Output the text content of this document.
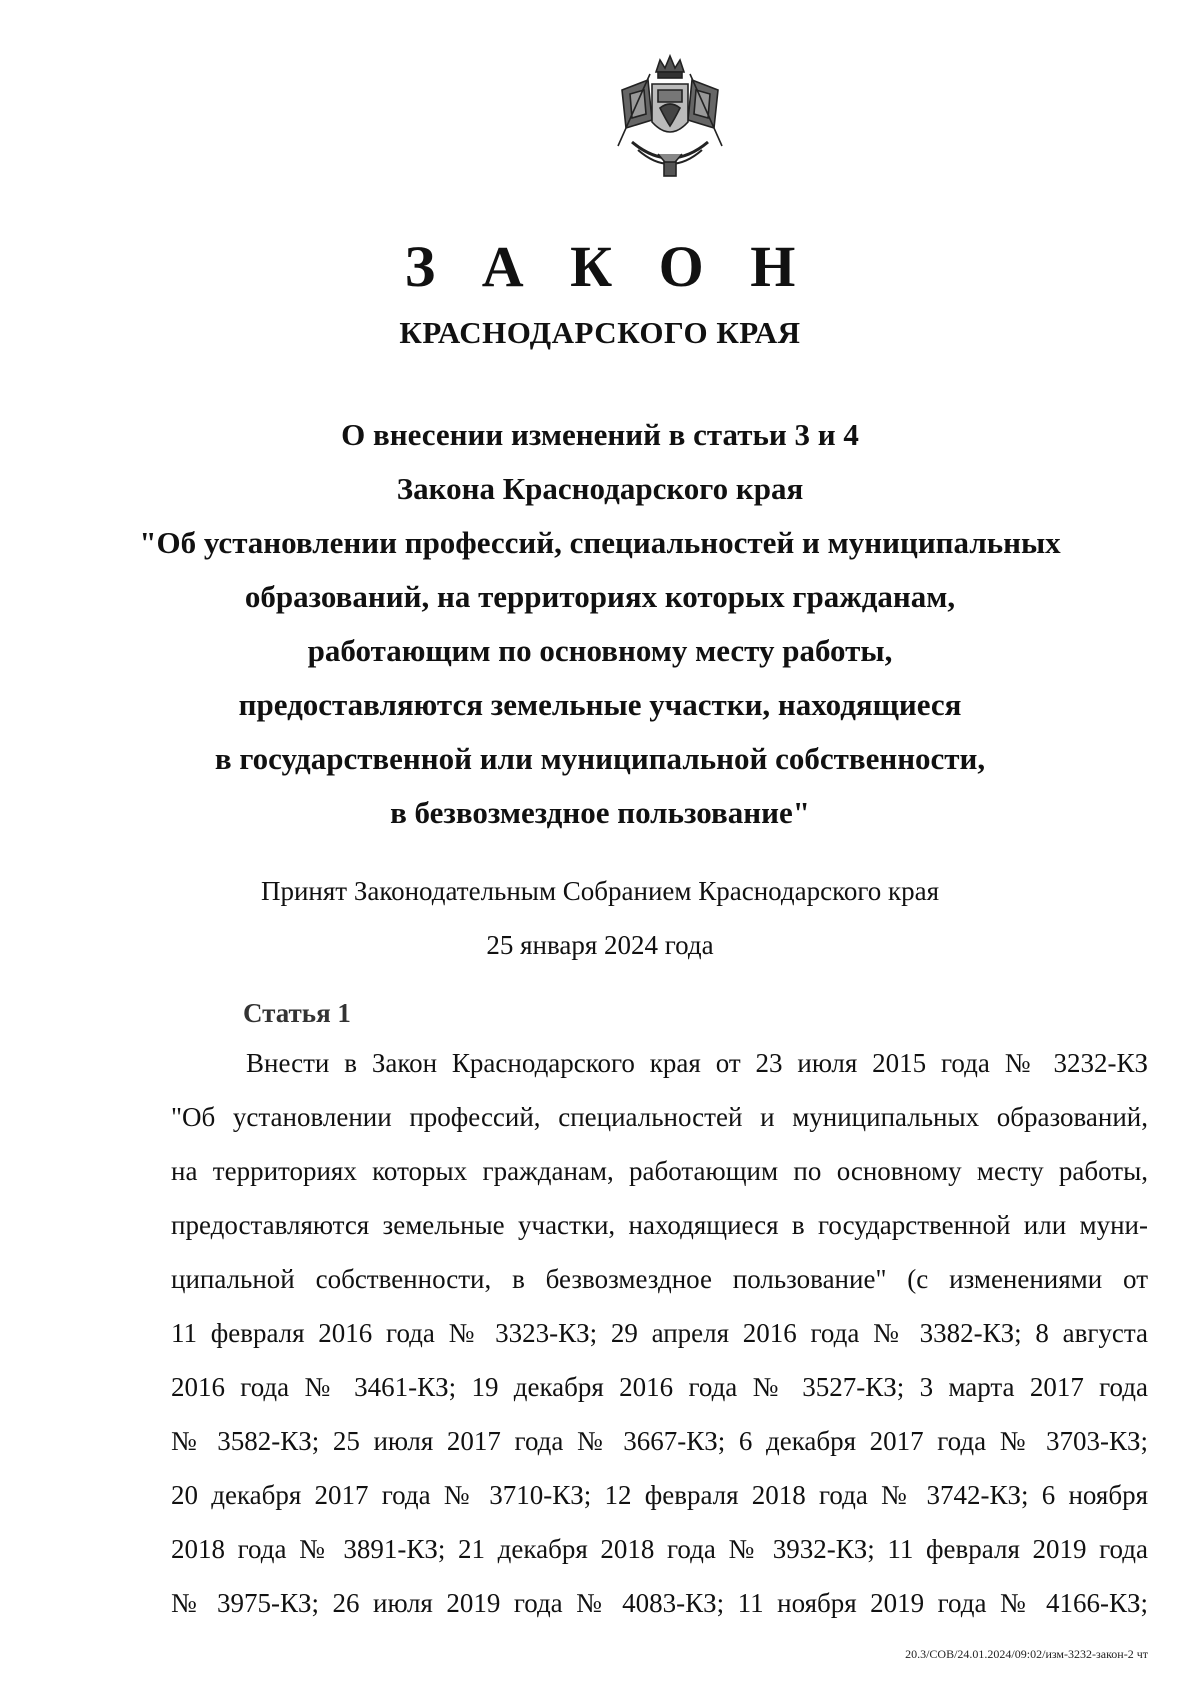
З А К О Н
КРАСНОДАРСКОГО КРАЯ
О внесении изменений в статьи 3 и 4
Закона Краснодарского края
"Об установлении профессий, специальностей и муниципальных
образований, на территориях которых гражданам,
работающим по основному месту работы,
предоставляются земельные участки, находящиеся
в государственной или муниципальной собственности,
в безвозмездное пользование"
Принят Законодательным Собранием Краснодарского края
25 января 2024 года
Статья 1
Внести в Закон Краснодарского края от 23 июля 2015 года № 3232-КЗ
"Об установлении профессий, специальностей и муниципальных образований,
на территориях которых гражданам, работающим по основному месту работы,
предоставляются земельные участки, находящиеся в государственной или муни-
ципальной собственности, в безвозмездное пользование" (с изменениями от
11 февраля 2016 года № 3323-КЗ; 29 апреля 2016 года № 3382-КЗ; 8 августа
2016 года № 3461-КЗ; 19 декабря 2016 года № 3527-КЗ; 3 марта 2017 года
№ 3582-КЗ; 25 июля 2017 года № 3667-КЗ; 6 декабря 2017 года № 3703-КЗ;
20 декабря 2017 года № 3710-КЗ; 12 февраля 2018 года № 3742-КЗ; 6 ноября
2018 года № 3891-КЗ; 21 декабря 2018 года № 3932-КЗ; 11 февраля 2019 года
№ 3975-КЗ; 26 июля 2019 года № 4083-КЗ; 11 ноября 2019 года № 4166-КЗ;
20.3/СОВ/24.01.2024/09:02/изм-3232-закон-2 чт
